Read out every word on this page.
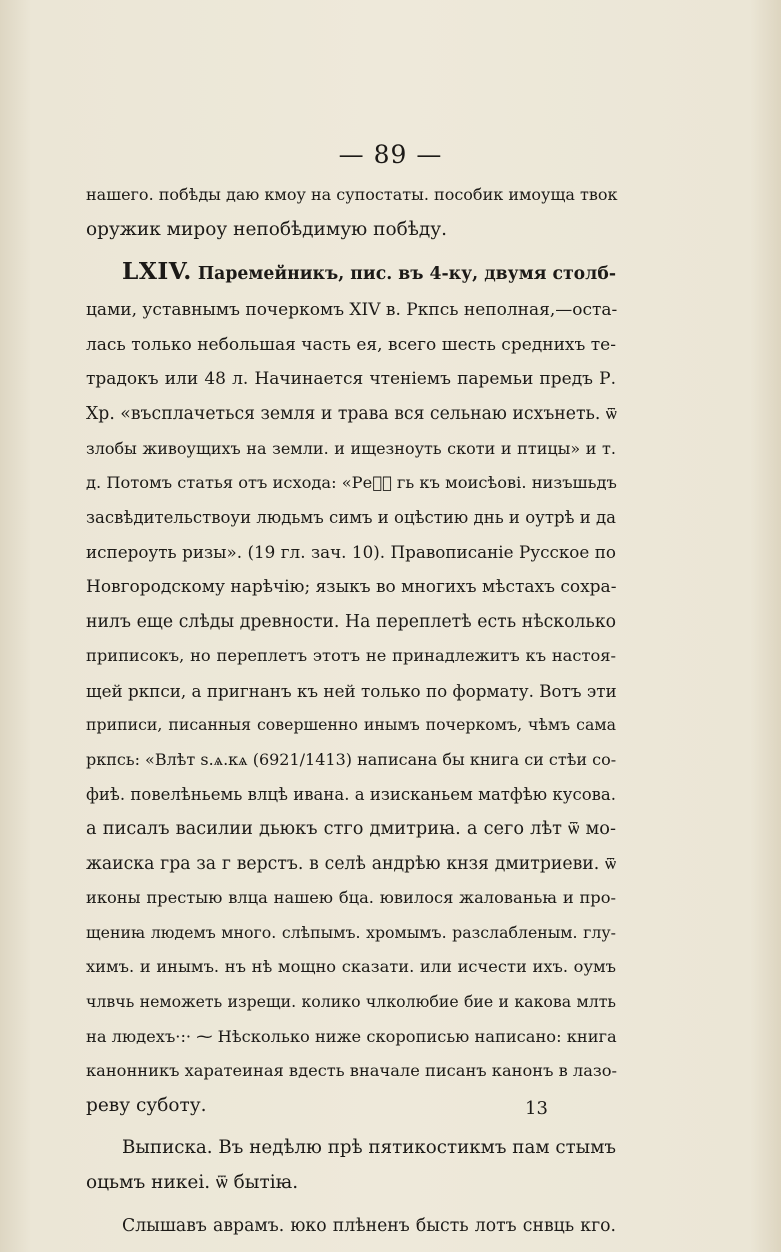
— 89 —
нашего. побѣды даю кмоу на супостаты. пособик имоуща твок
оружик мироу непобѣдимую побѣду.
LXIV. Паремейникъ, пис. въ 4-ку, двумя столб-
цами, уставнымъ почеркомъ XIV в. Ркпсь неполная,—оста-
лась только небольшая часть ея, всего шесть среднихъ те-
традокъ или 48 л. Начинается чтенiемъ паремьи предъ Р.
Хр. «въсплачеться земля и трава вся сельнаю исхънеть. ѿ
злобы живоущихъ на земли. и ищезноуть скоти и птицы» и т.
д. Потомъ статья отъ исхода: «Реⷱ҇ гь къ моисѣовi. низъшьдъ
засвѣдительствоуи людьмъ симъ и оцѣстию днь и оутрѣ и да
испероуть ризы». (19 гл. зач. 10). Правописанiе Русское по
Новгородскому нарѣчiю; языкъ во многихъ мѣстахъ сохра-
нилъ еще слѣды древности. На переплетѣ есть нѣсколько
приписокъ, но переплетъ этотъ не принадлежитъ къ настоя-
щей ркпси, а пригнанъ къ ней только по формату. Вотъ эти
приписи, писанныя совершенно инымъ почеркомъ, чѣмъ сама
ркпсь: «Влѣт ѕ.ѧ.кѧ (6921/1413) написана бы книга си стѣи со-
фиѣ. повелѣньемь влцѣ ивана. а изисканьем матфѣю кусова.
а писалъ василии дьюкъ стго дмитриꙗ. а сего лѣт ѿ мо-
жаиска гра за г верстъ. в селѣ андрѣю кнзя дмитриеви. ѿ
иконы престыю влца нашею бца. ювилося жалованьꙗ и про-
щениꙗ людемъ много. слѣпымъ. хромымъ. разслабленым. глу-
химъ. и инымъ. нъ нѣ мощно сказати. или исчести ихъ. оумъ
члвчь неможеть изрещи. колико члколюбие бие и какова млть
на людехъ·:· ⁓ Нѣсколько ниже скорописью написано: книга
канонникъ харатеиная вдесть вначале писанъ канонъ в лазо-
реву суботу.
Выписка. Въ недѣлю прѣ пятикостикмъ пам стымъ
оцьмъ никеi. ѿ бытiꙗ.
Слышавъ аврамъ. юко плѣненъ бысть лотъ снвць кго.
13
